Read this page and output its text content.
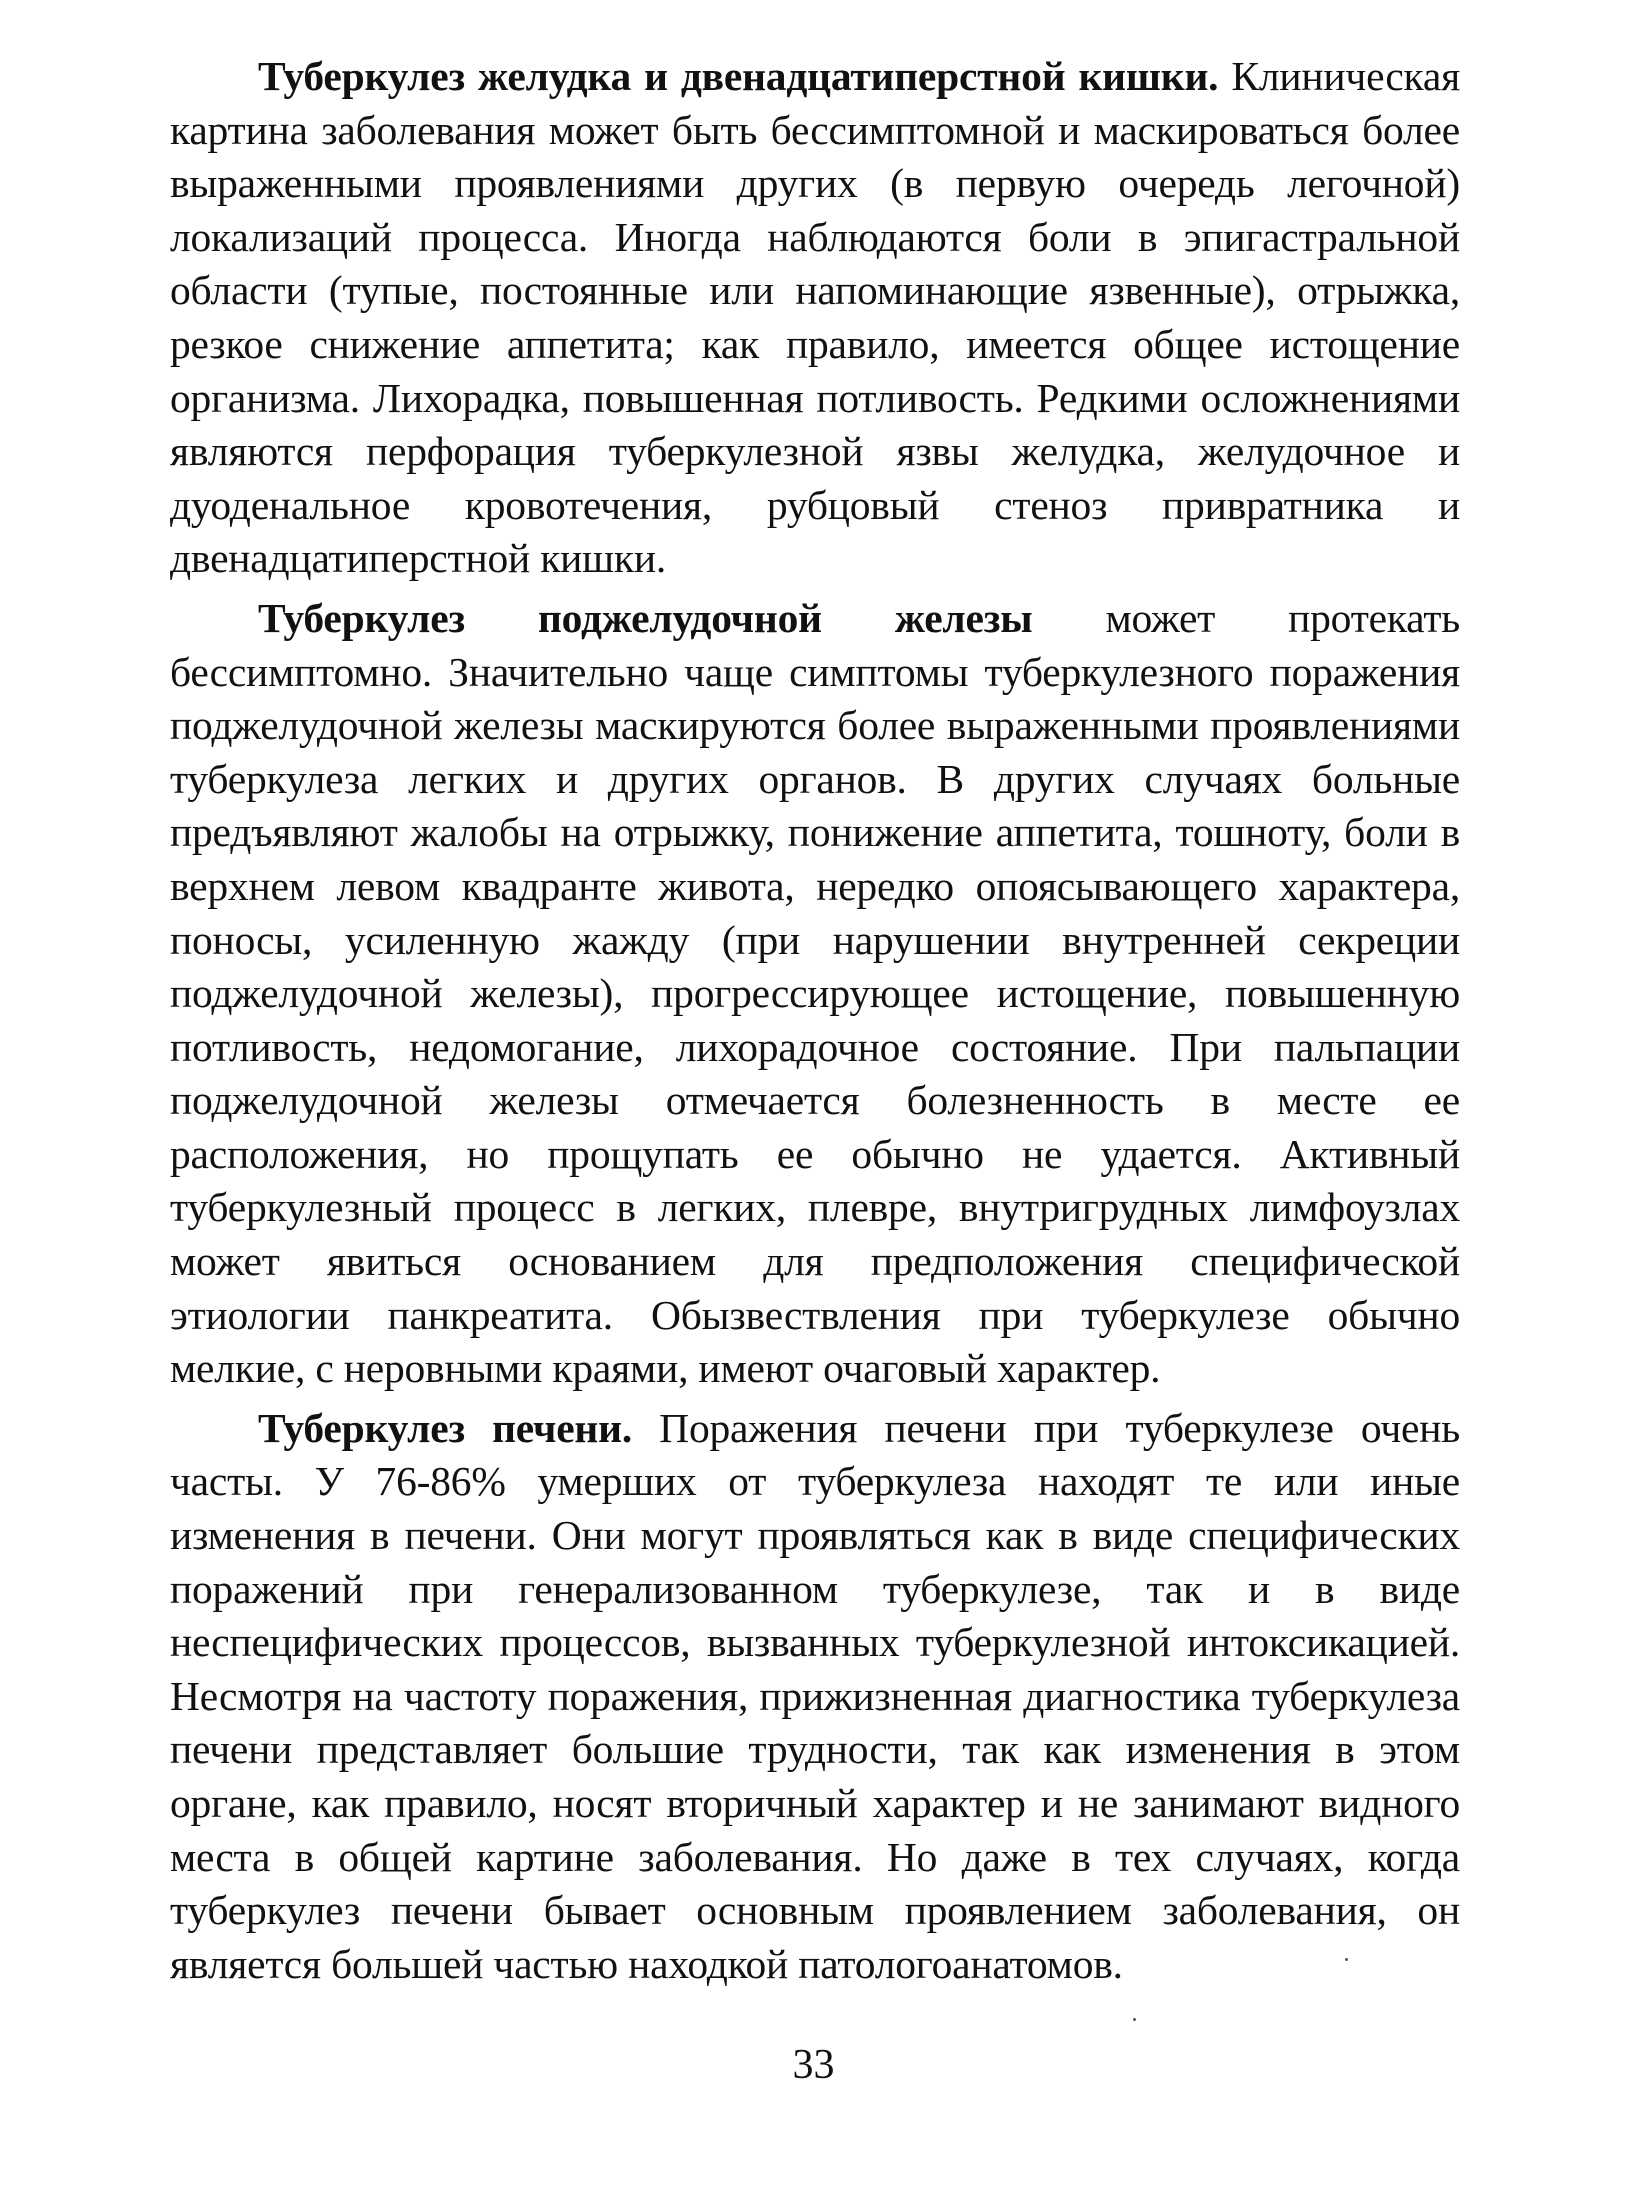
Туберкулез желудка и двенадцатиперстной кишки. Клиническая картина заболевания может быть бессимптомной и маскироваться более выраженными проявлениями других (в первую очередь легочной) локализаций процесса. Иногда наблюдаются боли в эпигастральной области (тупые, постоянные или напоминающие язвенные), отрыжка, резкое снижение аппетита; как правило, имеется общее истощение организма. Лихорадка, повышенная потливость. Редкими осложнениями являются перфорация туберкулезной язвы желудка, желудочное и дуоденальное кровотечения, рубцовый стеноз привратника и двенадцатиперстной кишки.

Туберкулез поджелудочной железы может протекать бессимптомно. Значительно чаще симптомы туберкулезного поражения поджелудочной железы маскируются более выраженными проявлениями туберкулеза легких и других органов. В других случаях больные предъявляют жалобы на отрыжку, понижение аппетита, тошноту, боли в верхнем левом квадранте живота, нередко опоясывающего характера, поносы, усиленную жажду (при нарушении внутренней секреции поджелудочной железы), прогрессирующее истощение, повышенную потливость, недомогание, лихорадочное состояние. При пальпации поджелудочной железы отмечается болезненность в месте ее расположения, но прощупать ее обычно не удается. Активный туберкулезный процесс в легких, плевре, внутригрудных лимфоузлах может явиться основанием для предположения специфической этиологии панкреатита. Обызвествления при туберкулезе обычно мелкие, с неровными краями, имеют очаговый характер.

Туберкулез печени. Поражения печени при туберкулезе очень часты. У 76-86% умерших от туберкулеза находят те или иные изменения в печени. Они могут проявляться как в виде специфических поражений при генерализованном туберкулезе, так и в виде неспецифических процессов, вызванных туберкулезной интоксикацией. Несмотря на частоту поражения, прижизненная диагностика туберкулеза печени представляет большие трудности, так как изменения в этом органе, как правило, носят вторичный характер и не занимают видного места в общей картине заболевания. Но даже в тех случаях, когда туберкулез печени бывает основным проявлением заболевания, он является большей частью находкой патологоанатомов.

33
